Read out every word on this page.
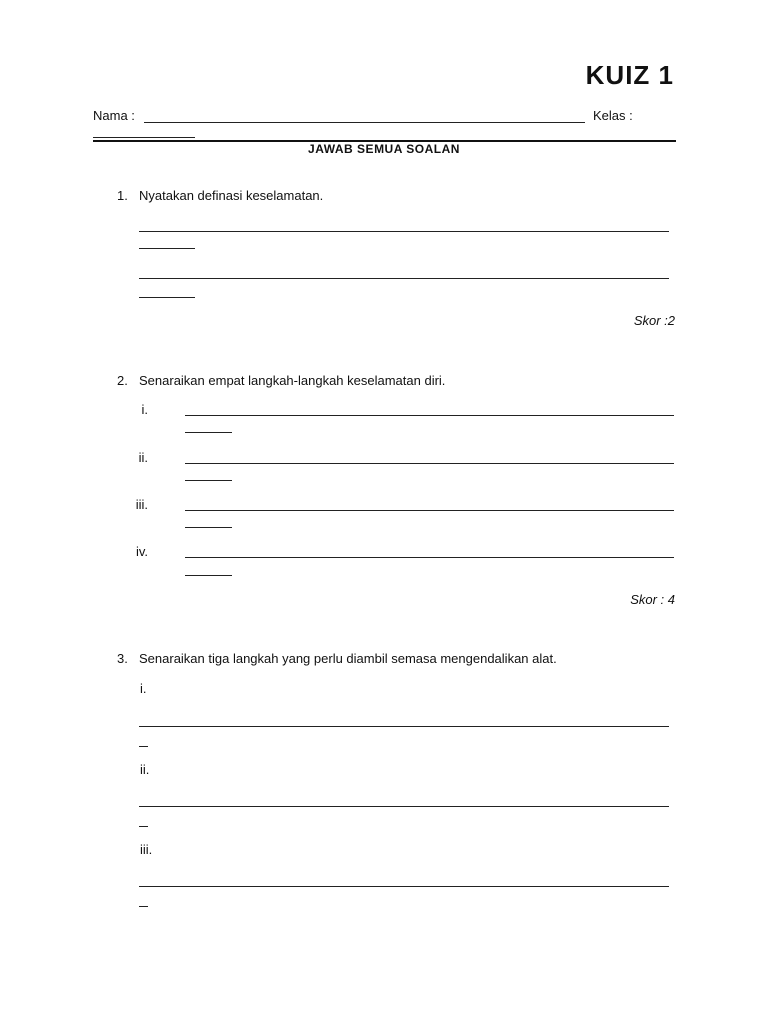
KUIZ 1
Nama :	Kelas :
JAWAB SEMUA SOALAN
1. Nyatakan definasi keselamatan.
Skor :2
2. Senaraikan empat langkah-langkah keselamatan diri.
i.
ii.
iii.
iv.
Skor : 4
3. Senaraikan tiga langkah yang perlu diambil semasa mengendalikan alat.
i.
ii.
iii.
